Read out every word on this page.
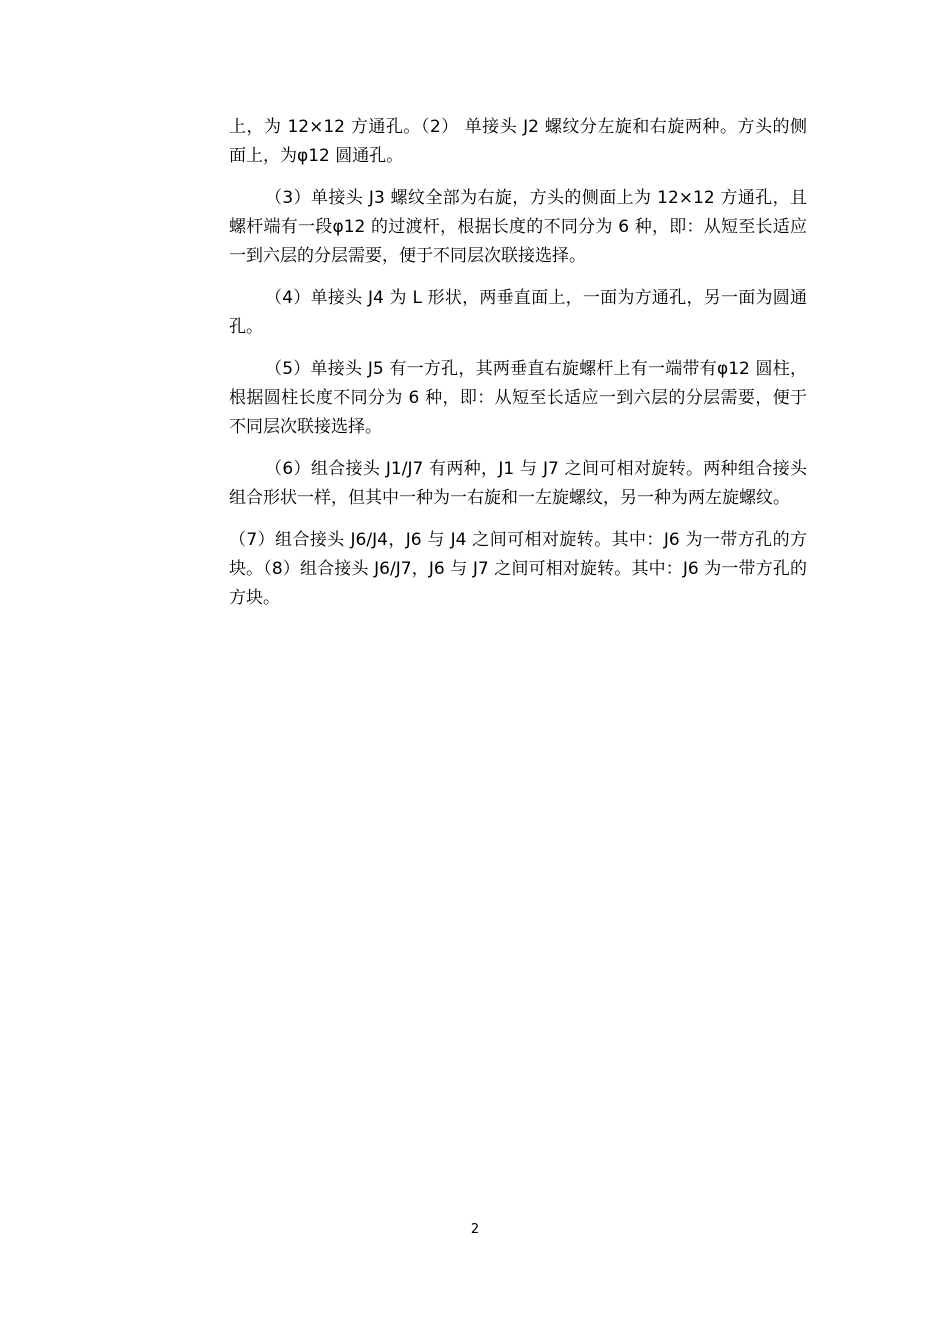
上，为 12×12 方通孔。（2） 单接头 J2 螺纹分左旋和右旋两种。方头的侧面上，为φ12 圆通孔。

（3）单接头 J3 螺纹全部为右旋，方头的侧面上为 12×12 方通孔，且螺杆端有一段φ12 的过渡杆，根据长度的不同分为 6 种，即：从短至长适应一到六层的分层需要，便于不同层次联接选择。

（4）单接头 J4 为 L 形状，两垂直面上，一面为方通孔，另一面为圆通孔。

（5）单接头 J5 有一方孔，其两垂直右旋螺杆上有一端带有φ12 圆柱，根据圆柱长度不同分为 6 种，即：从短至长适应一到六层的分层需要，便于不同层次联接选择。

（6）组合接头 J1/J7 有两种，J1 与 J7 之间可相对旋转。两种组合接头组合形状一样，但其中一种为一右旋和一左旋螺纹，另一种为两左旋螺纹。

（7）组合接头 J6/J4，J6 与 J4 之间可相对旋转。其中：J6 为一带方孔的方块。（8）组合接头 J6/J7，J6 与 J7 之间可相对旋转。其中：J6 为一带方孔的方块。

2
